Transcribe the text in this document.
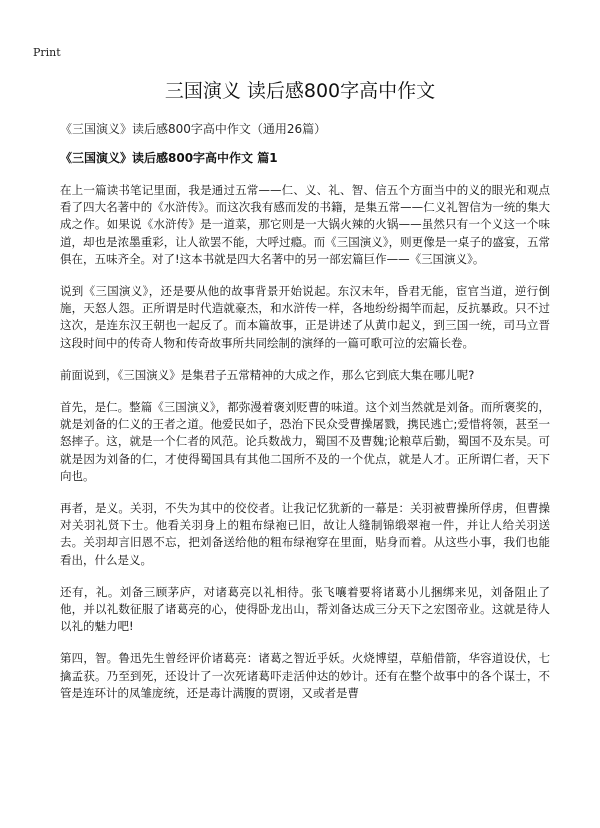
Print
三国演义 读后感800字高中作文
《三国演义》读后感800字高中作文（通用26篇）
《三国演义》读后感800字高中作文 篇1

在上一篇读书笔记里面，我是通过五常——仁、义、礼、智、信五个方面当中的义的眼光和观点看了四大名著中的《水浒传》。而这次我有感而发的书籍，是集五常——仁义礼智信为一统的集大成之作。如果说《水浒传》是一道菜，那它则是一大锅火辣的火锅——虽然只有一个义这一个味道，却也是浓墨重彩，让人欲罢不能，大呼过瘾。而《三国演义》，则更像是一桌子的盛宴，五常俱在，五味齐全。对了!这本书就是四大名著中的另一部宏篇巨作——《三国演义》。

说到《三国演义》，还是要从他的故事背景开始说起。东汉末年，昏君无能，宦官当道，逆行倒施，天怒人怨。正所谓是时代造就豪杰，和水浒传一样，各地纷纷揭竿而起，反抗暴政。只不过这次，是连东汉王朝也一起反了。而本篇故事，正是讲述了从黄巾起义，到三国一统，司马立晋这段时间中的传奇人物和传奇故事所共同绘制的演绎的一篇可歌可泣的宏篇长卷。

前面说到，《三国演义》是集君子五常精神的大成之作，那么它到底大集在哪儿呢?

首先，是仁。整篇《三国演义》，都弥漫着褒刘贬曹的味道。这个刘当然就是刘备。而所褒奖的，就是刘备的仁义的王者之道。他爱民如子，恐治下民众受曹操屠戮，携民逃亡;爱惜将领，甚至一怒摔子。这，就是一个仁者的风范。论兵数战力，蜀国不及曹魏;论粮草后勤，蜀国不及东吴。可就是因为刘备的仁，才使得蜀国具有其他二国所不及的一个优点，就是人才。正所谓仁者，天下向也。

再者，是义。关羽，不失为其中的佼佼者。让我记忆犹新的一幕是：关羽被曹操所俘虏，但曹操对关羽礼贤下士。他看关羽身上的粗布绿袍已旧，故让人缝制锦缎翠袍一件，并让人给关羽送去。关羽却言旧恩不忘，把刘备送给他的粗布绿袍穿在里面，贴身而着。从这些小事，我们也能看出，什么是义。

还有，礼。刘备三顾茅庐，对诸葛亮以礼相待。张飞嚷着要将诸葛小儿捆绑来见，刘备阻止了他，并以礼数征服了诸葛亮的心，使得卧龙出山，帮刘备达成三分天下之宏图帝业。这就是待人以礼的魅力吧!

第四，智。鲁迅先生曾经评价诸葛亮：诸葛之智近乎妖。火烧博望，草船借箭，华容道设伏，七擒孟获。乃至到死，还设计了一次死诸葛吓走活仲达的妙计。还有在整个故事中的各个谋士，不管是连环计的凤雏庞统，还是毒计满腹的贾诩，又或者是曹
